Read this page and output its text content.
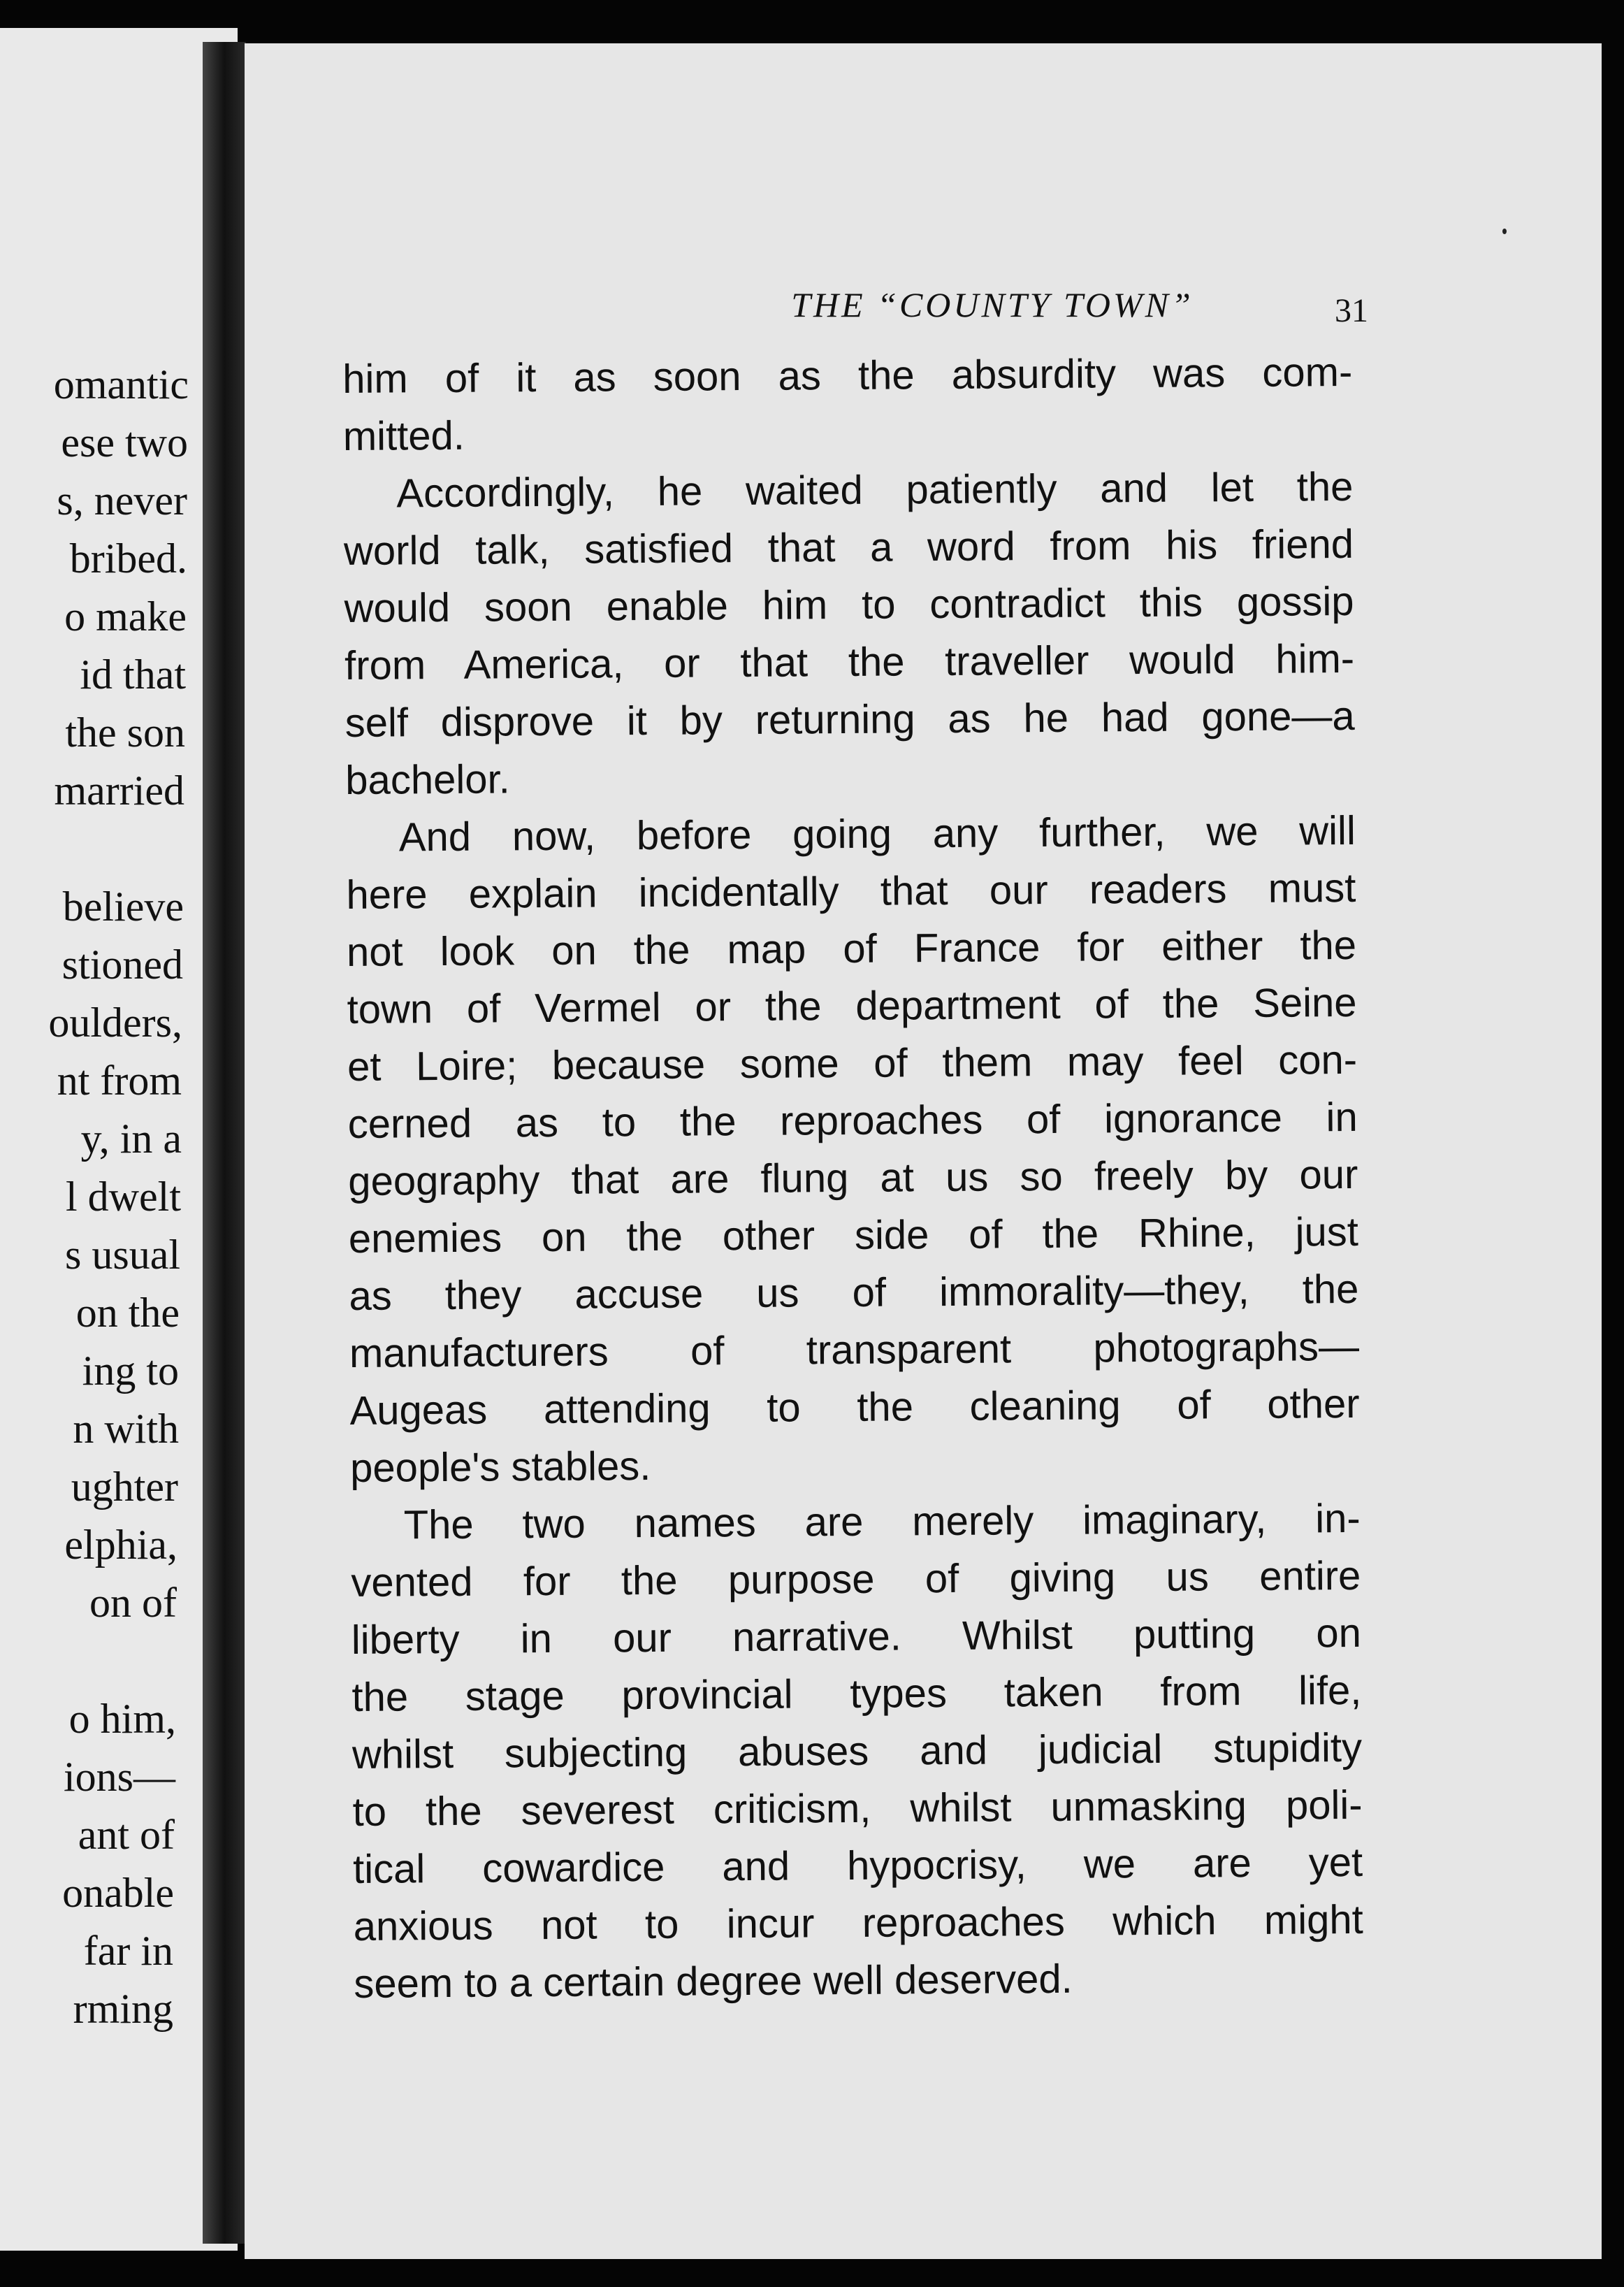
omantic
ese two
s, never
bribed.
o make
id that
the son
married
believe
stioned
oulders,
nt from
y, in a
l dwelt
s usual
on the
ing to
n with
ughter
elphia,
on of
o him,
ions—
ant of
onable
far in
rming
THE “COUNTY TOWN”	31
him of it as soon as the absurdity was com-
mitted.
Accordingly, he waited patiently and let the
world talk, satisfied that a word from his friend
would soon enable him to contradict this gossip
from America, or that the traveller would him-
self disprove it by returning as he had gone—a
bachelor.
And now, before going any further, we will
here explain incidentally that our readers must
not look on the map of France for either the
town of Vermel or the department of the Seine
et Loire; because some of them may feel con-
cerned as to the reproaches of ignorance in
geography that are flung at us so freely by our
enemies on the other side of the Rhine, just
as they accuse us of immorality—they, the
manufacturers of transparent photographs—
Augeas attending to the cleaning of other
people's stables.
The two names are merely imaginary, in-
vented for the purpose of giving us entire
liberty in our narrative. Whilst putting on
the stage provincial types taken from life,
whilst subjecting abuses and judicial stupidity
to the severest criticism, whilst unmasking poli-
tical cowardice and hypocrisy, we are yet
anxious not to incur reproaches which might
seem to a certain degree well deserved.
